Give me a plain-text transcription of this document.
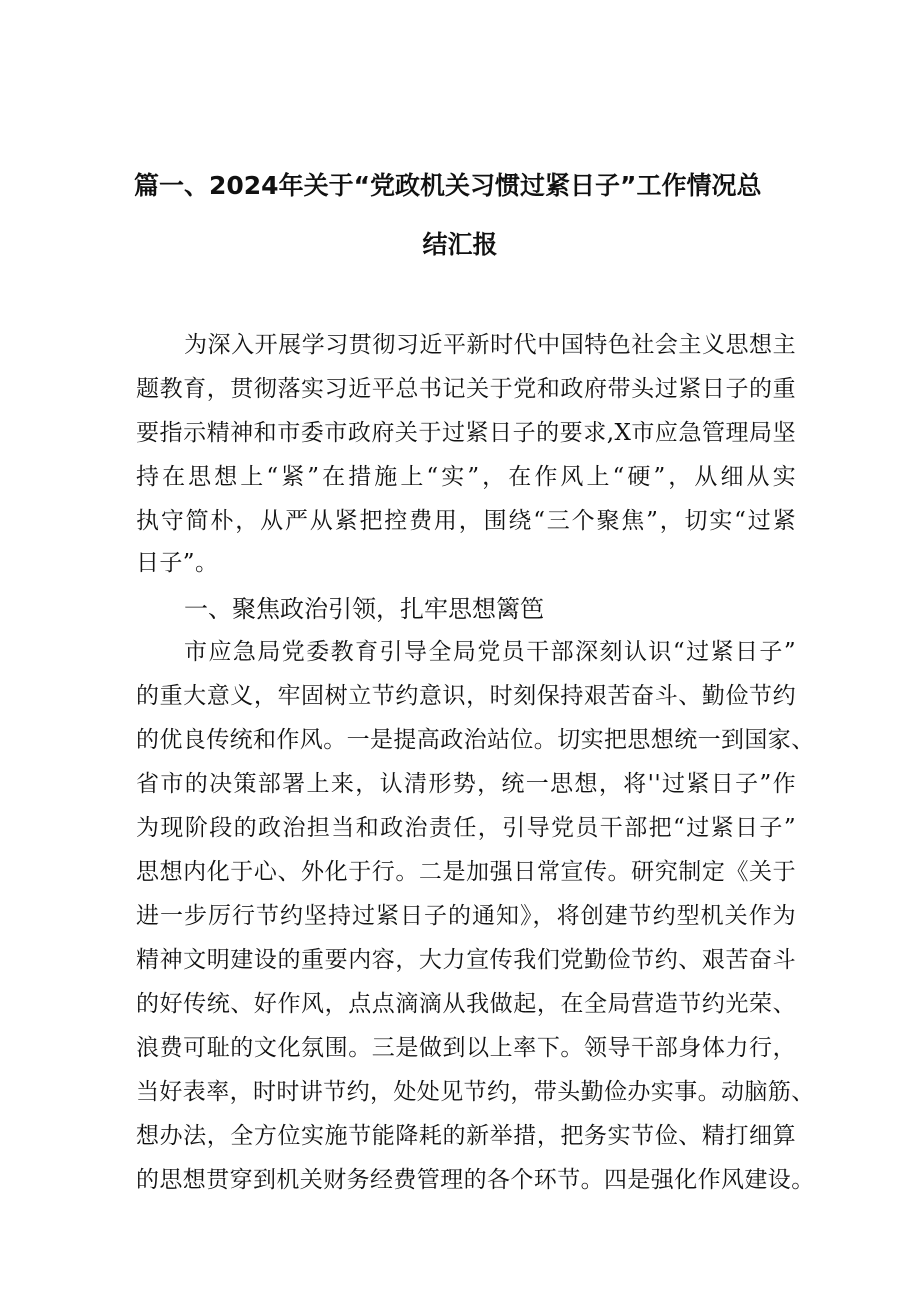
篇一、2024年关于“党政机关习惯过紧日子”工作情况总
结汇报
为深入开展学习贯彻习近平新时代中国特色社会主义思想主
题教育，贯彻落实习近平总书记关于党和政府带头过紧日子的重
要指示精神和市委市政府关于过紧日子的要求,X市应急管理局坚
持在思想上“紧”在措施上“实”，在作风上“硬”，从细从实
执守简朴，从严从紧把控费用，围绕“三个聚焦”，切实“过紧
日子”。
一、聚焦政治引领，扎牢思想篱笆
市应急局党委教育引导全局党员干部深刻认识“过紧日子”
的重大意义，牢固树立节约意识，时刻保持艰苦奋斗、勤俭节约
的优良传统和作风。一是提高政治站位。切实把思想统一到国家、
省市的决策部署上来，认清形势，统一思想，将''过紧日子”作
为现阶段的政治担当和政治责任，引导党员干部把“过紧日子”
思想内化于心、外化于行。二是加强日常宣传。研究制定《关于
进一步厉行节约坚持过紧日子的通知》，将创建节约型机关作为
精神文明建设的重要内容，大力宣传我们党勤俭节约、艰苦奋斗
的好传统、好作风，点点滴滴从我做起，在全局营造节约光荣、
浪费可耻的文化氛围。三是做到以上率下。领导干部身体力行，
当好表率，时时讲节约，处处见节约，带头勤俭办实事。动脑筋、
想办法，全方位实施节能降耗的新举措，把务实节俭、精打细算
的思想贯穿到机关财务经费管理的各个环节。四是强化作风建设。
